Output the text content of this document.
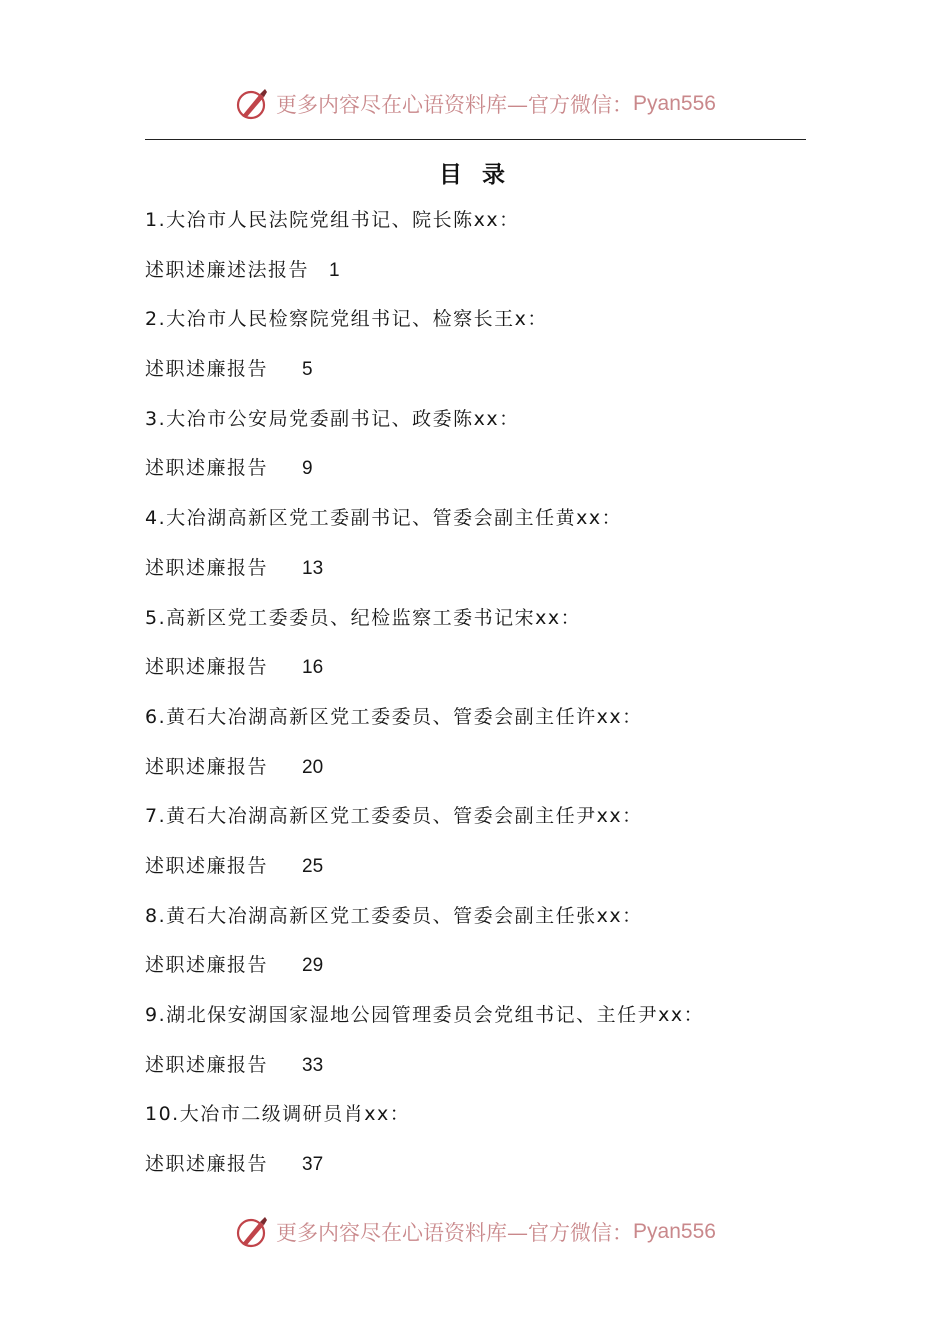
更多内容尽在心语资料库—官方微信： Pyan556
目 录
1.大冶市人民法院党组书记、院长陈xx：
述职述廉述法报告 1
2.大冶市人民检察院党组书记、检察长王x：
述职述廉报告 5
3.大冶市公安局党委副书记、政委陈xx：
述职述廉报告 9
4.大冶湖高新区党工委副书记、管委会副主任黄xx：
述职述廉报告 13
5.高新区党工委委员、纪检监察工委书记宋xx：
述职述廉报告 16
6.黄石大冶湖高新区党工委委员、管委会副主任许xx：
述职述廉报告 20
7.黄石大冶湖高新区党工委委员、管委会副主任尹xx：
述职述廉报告 25
8.黄石大冶湖高新区党工委委员、管委会副主任张xx：
述职述廉报告 29
9.湖北保安湖国家湿地公园管理委员会党组书记、主任尹xx：
述职述廉报告 33
10.大冶市二级调研员肖xx：
述职述廉报告 37
更多内容尽在心语资料库—官方微信： Pyan556
